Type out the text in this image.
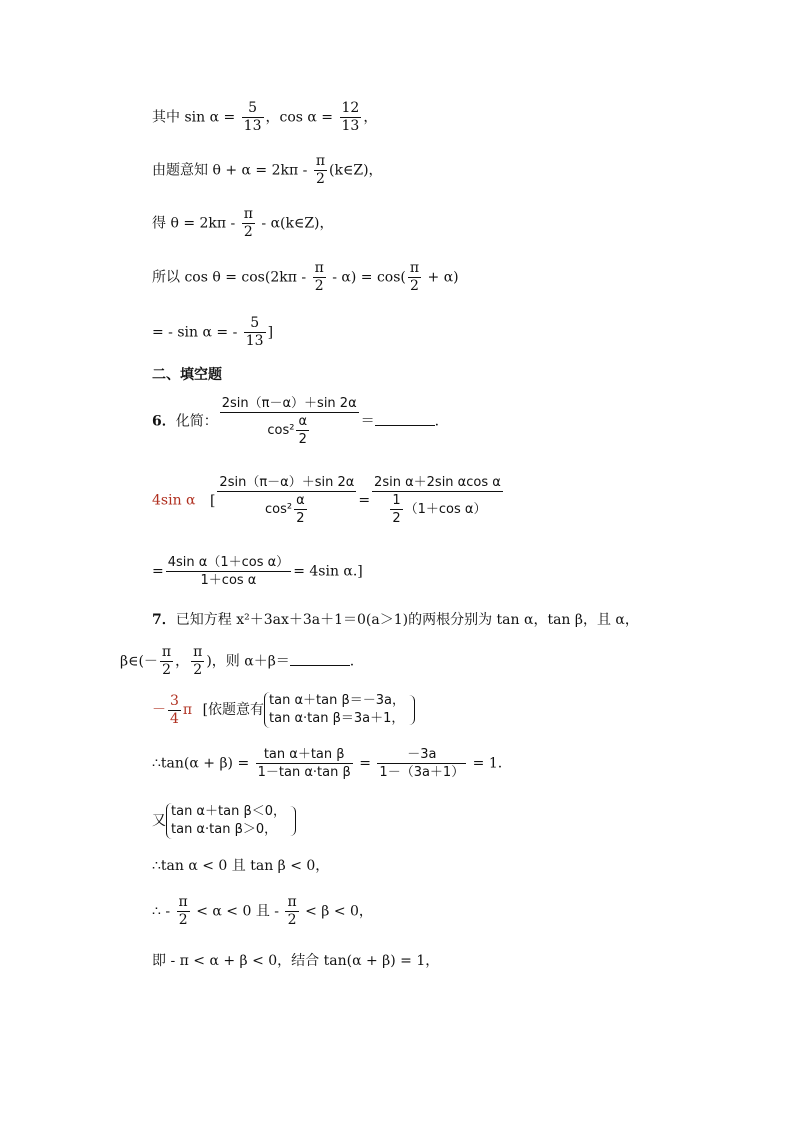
其中 $\sin \alpha = \frac{5}{13}$ ，$\cos \alpha = \frac{12}{13}$ ，
由题意知 $\theta + \alpha = 2k\pi - \frac{\pi}{2}$ (k∈Z)，
得 $\theta = 2k\pi - \frac{\pi}{2}$ - α(k∈Z)，
所以 $\cos \theta = \cos(2k\pi - \frac{\pi}{2} - \alpha) = \cos( \frac{\pi}{2} + \alpha)$
= - sin α = - $\frac{5}{13}$ ]
二、填空题
6．化简： $\frac{2\sin(\pi-\alpha)+\sin 2\alpha}{\cos^2 \frac{\alpha}{2}}$ ＝	.
4sin α [ $\frac{2\sin(\pi-\alpha)+\sin 2\alpha}{\cos^2 \frac{\alpha}{2}} = \frac{\text{2sin α＋2sin αcos α}}{\frac{1}{2} (1+\cos \alpha)}$
= $\frac{\text{4sin α（1＋cos α）}}{\text{1＋cos α}} = 4\sin$ α.]
7．已知方程 x²＋3ax＋3a＋1＝0(a＞1)的两根分别为 tan α，tan β，且 α，
β∈(－ $\frac{\pi}{2}$ ， $\frac{\pi}{2}$ )，则 α＋β＝	.
－ $\frac{3}{4}$ π [依题意有
tan α＋tan β＝－3a，
tan α·tan β＝3a＋1，
∴tan(α + $\beta) = \frac{\text{tan α＋tan β}}{\text{1－tan α·tan β}} = \frac{-3a}{1-(3a+1)} = 1$.
又
tan α＋tan β＜0，
tan α·tan β＞0，
∴tan α < 0 且 tan β < 0，
∴ - $\frac{\pi}{2} < \alpha < 0$ 且 - $\frac{\pi}{2} < \beta < 0$，
即 - π < α + β < 0，结合 tan(α + β) = 1，
